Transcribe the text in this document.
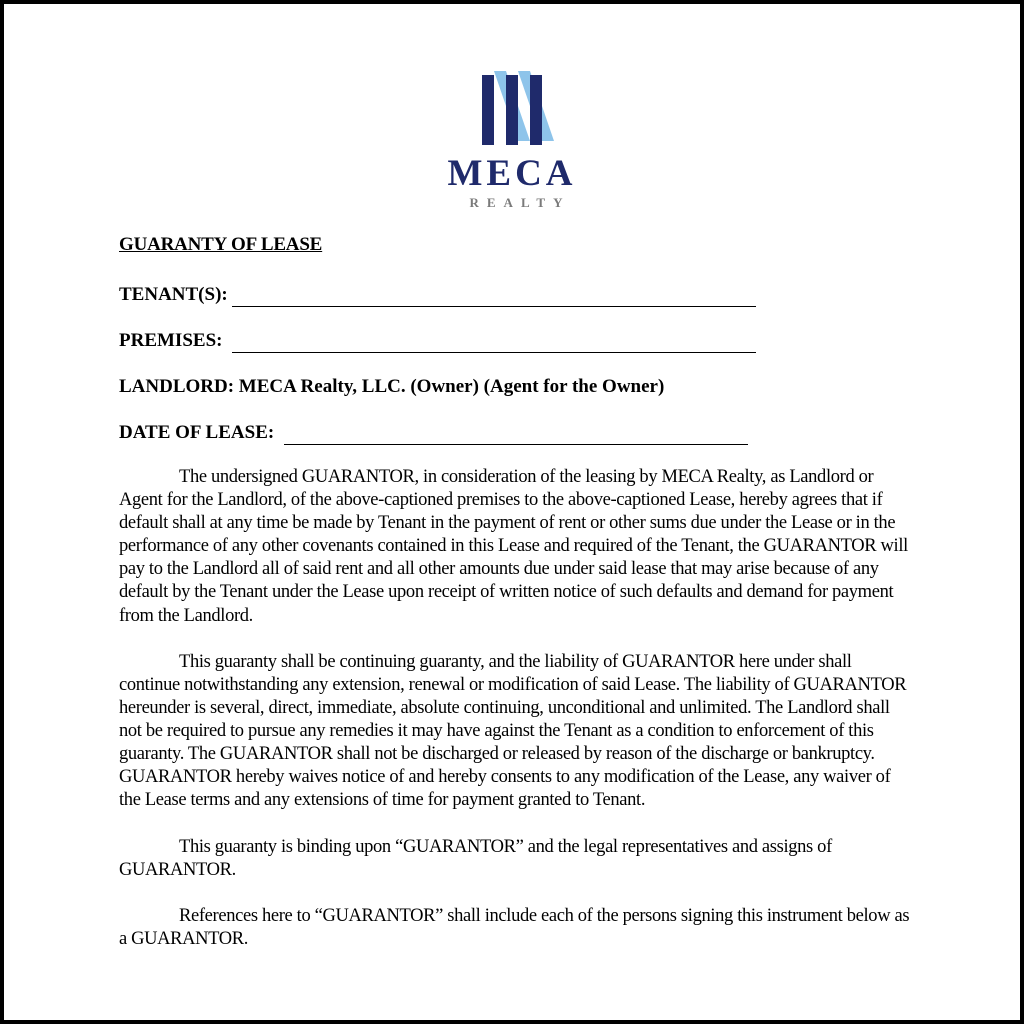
MECA
REALTY
GUARANTY OF LEASE
TENANT(S):
PREMISES:
LANDLORD: MECA Realty, LLC. (Owner) (Agent for the Owner)
DATE OF LEASE:

The undersigned GUARANTOR, in consideration of the leasing by MECA Realty, as Landlord or Agent for the Landlord, of the above-captioned premises to the above-captioned Lease, hereby agrees that if default shall at any time be made by Tenant in the payment of rent or other sums due under the Lease or in the performance of any other covenants contained in this Lease and required of the Tenant, the GUARANTOR will pay to the Landlord all of said rent and all other amounts due under said lease that may arise because of any default by the Tenant under the Lease upon receipt of written notice of such defaults and demand for payment from the Landlord.

This guaranty shall be continuing guaranty, and the liability of GUARANTOR here under shall continue notwithstanding any extension, renewal or modification of said Lease. The liability of GUARANTOR hereunder is several, direct, immediate, absolute continuing, unconditional and unlimited. The Landlord shall not be required to pursue any remedies it may have against the Tenant as a condition to enforcement of this guaranty. The GUARANTOR shall not be discharged or released by reason of the discharge or bankruptcy. GUARANTOR hereby waives notice of and hereby consents to any modification of the Lease, any waiver of the Lease terms and any extensions of time for payment granted to Tenant.

This guaranty is binding upon “GUARANTOR” and the legal representatives and assigns of GUARANTOR.

References here to “GUARANTOR” shall include each of the persons signing this instrument below as a GUARANTOR.
